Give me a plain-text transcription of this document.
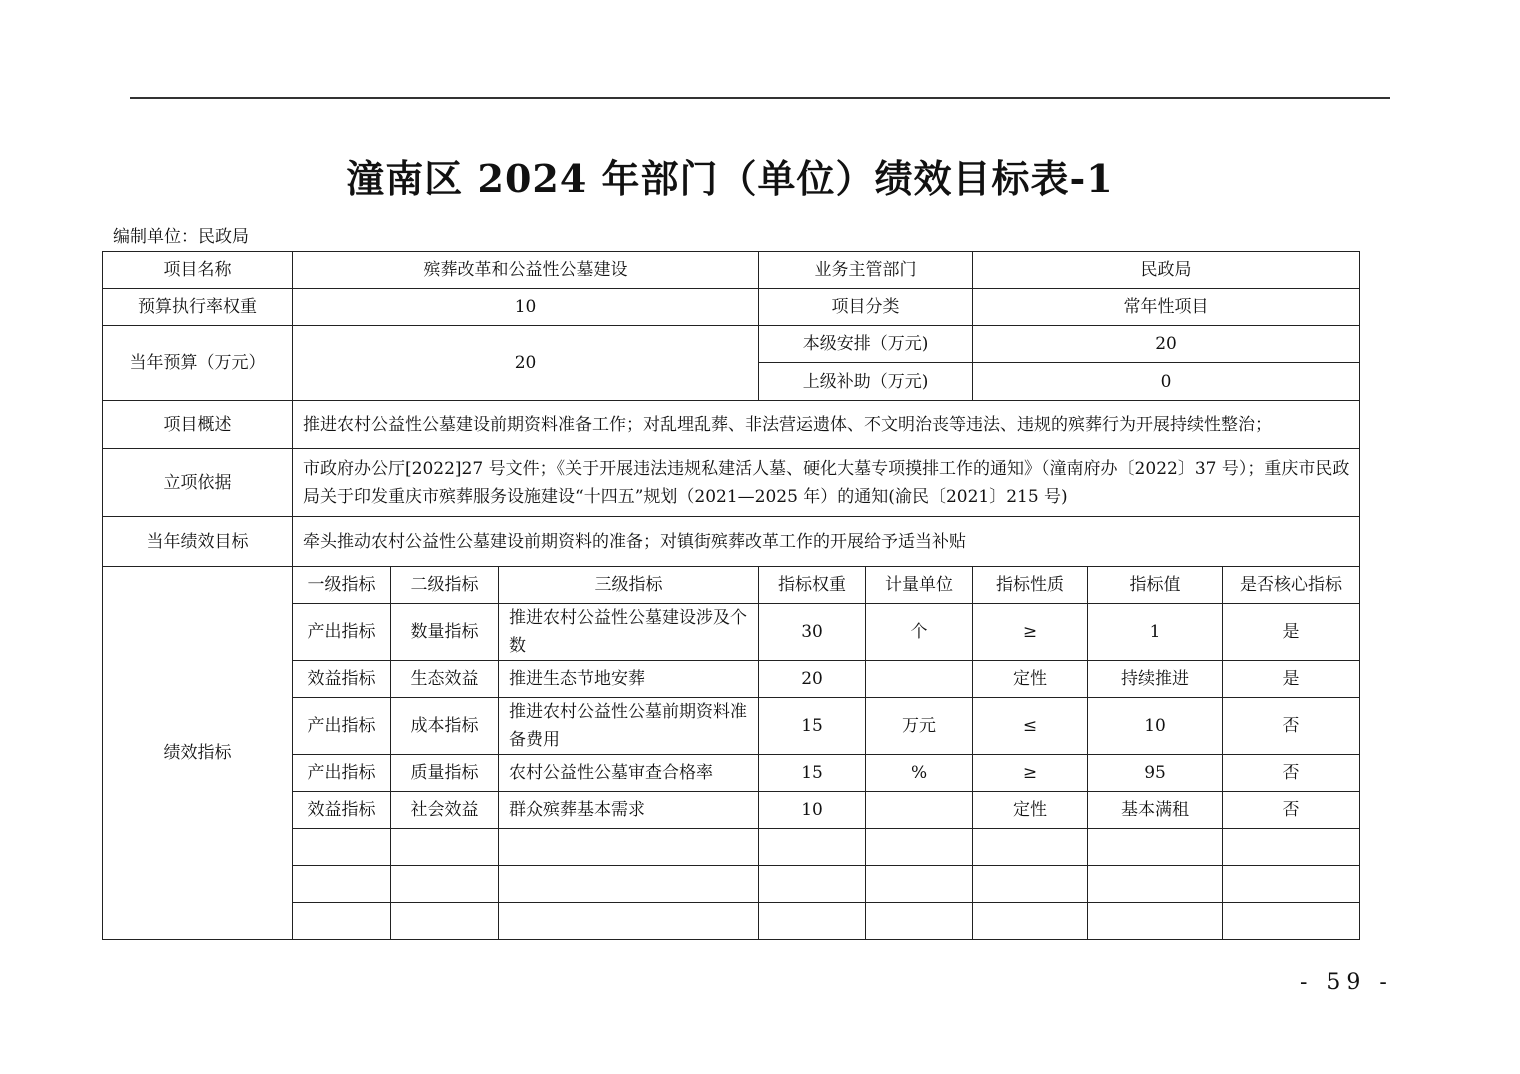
潼南区 2024 年部门（单位）绩效目标表-1
编制单位：民政局
项目名称	殡葬改革和公益性公墓建设			业务主管部门		民政局		
预算执行率权重	10			项目分类		常年性项目		
当年预算（万元）	20			本级安排（万元)		20		
				上级补助（万元)		0		
项目概述	推进农村公益性公墓建设前期资料准备工作；对乱埋乱葬、非法营运遗体、不文明治丧等违法、违规的殡葬行为开展持续性整治；							
立项依据	市政府办公厅[2022]27 号文件；《关于开展违法违规私建活人墓、硬化大墓专项摸排工作的通知》（潼南府办〔2022〕37 号）；重庆市民政局关于印发重庆市殡葬服务设施建设“十四五”规划（2021—2025 年）的通知(渝民〔2021〕215 号)							
当年绩效目标	牵头推动农村公益性公墓建设前期资料的准备；对镇街殡葬改革工作的开展给予适当补贴							
绩效指标	一级指标	二级指标	三级指标	指标权重	计量单位	指标性质	指标值	是否核心指标
	产出指标	数量指标	推进农村公益性公墓建设涉及个数	30	个	≥	1	是
	效益指标	生态效益	推进生态节地安葬	20		定性	持续推进	是
	产出指标	成本指标	推进农村公益性公墓前期资料准备费用	15	万元	≤	10	否
	产出指标	质量指标	农村公益性公墓审查合格率	15	%	≥	95	否
	效益指标	社会效益	群众殡葬基本需求	10		定性	基本满租	否

- 59 -
